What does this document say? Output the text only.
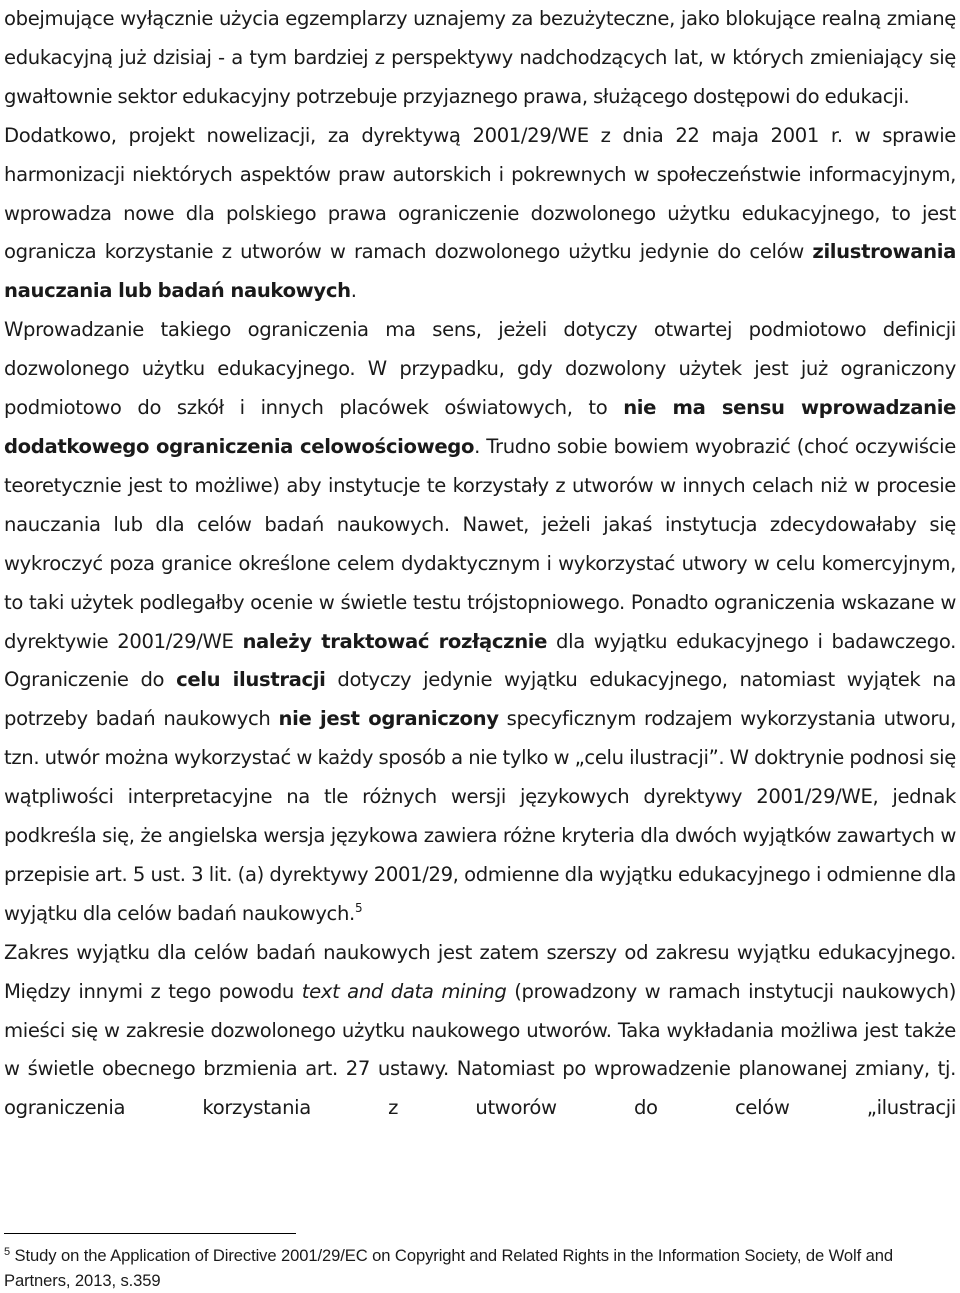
obejmujące wyłącznie użycia egzemplarzy uznajemy za bezużyteczne, jako blokujące realną zmianę edukacyjną już dzisiaj - a tym bardziej z perspektywy nadchodzących lat, w których zmieniający się gwałtownie sektor edukacyjny potrzebuje przyjaznego prawa, służącego dostępowi do edukacji.

Dodatkowo, projekt nowelizacji, za dyrektywą 2001/29/WE z dnia 22 maja 2001 r. w sprawie harmonizacji niektórych aspektów praw autorskich i pokrewnych w społeczeństwie informacyjnym, wprowadza nowe dla polskiego prawa ograniczenie dozwolonego użytku edukacyjnego, to jest ogranicza korzystanie z utworów w ramach dozwolonego użytku jedynie do celów zilustrowania nauczania lub badań naukowych.

Wprowadzanie takiego ograniczenia ma sens, jeżeli dotyczy otwartej podmiotowo definicji dozwolonego użytku edukacyjnego. W przypadku, gdy dozwolony użytek jest już ograniczony podmiotowo do szkół i innych placówek oświatowych, to nie ma sensu wprowadzanie dodatkowego ograniczenia celowościowego. Trudno sobie bowiem wyobrazić (choć oczywiście teoretycznie jest to możliwe) aby instytucje te korzystały z utworów w innych celach niż w procesie nauczania lub dla celów badań naukowych. Nawet, jeżeli jakaś instytucja zdecydowałaby się wykroczyć poza granice określone celem dydaktycznym i wykorzystać utwory w celu komercyjnym, to taki użytek podlegałby ocenie w świetle testu trójstopniowego. Ponadto ograniczenia wskazane w dyrektywie 2001/29/WE należy traktować rozłącznie dla wyjątku edukacyjnego i badawczego. Ograniczenie do celu ilustracji dotyczy jedynie wyjątku edukacyjnego, natomiast wyjątek na potrzeby badań naukowych nie jest ograniczony specyficznym rodzajem wykorzystania utworu, tzn. utwór można wykorzystać w każdy sposób a nie tylko w „celu ilustracji”. W doktrynie podnosi się wątpliwości interpretacyjne na tle różnych wersji językowych dyrektywy 2001/29/WE, jednak podkreśla się, że angielska wersja językowa zawiera różne kryteria dla dwóch wyjątków zawartych w przepisie art. 5 ust. 3 lit. (a) dyrektywy 2001/29, odmienne dla wyjątku edukacyjnego i odmienne dla wyjątku dla celów badań naukowych.$^5$

Zakres wyjątku dla celów badań naukowych jest zatem szerszy od zakresu wyjątku edukacyjnego. Między innymi z tego powodu text and data mining (prowadzony w ramach instytucji naukowych) mieści się w zakresie dozwolonego użytku naukowego utworów. Taka wykładania możliwa jest także w świetle obecnego brzmienia art. 27 ustawy. Natomiast po wprowadzenie planowanej zmiany, tj. ograniczenia korzystania z utworów do celów „ilustracji

$^5$ Study on the Application of Directive 2001/29/EC on Copyright and Related Rights in the Information Society, de Wolf and Partners, 2013, s.359
